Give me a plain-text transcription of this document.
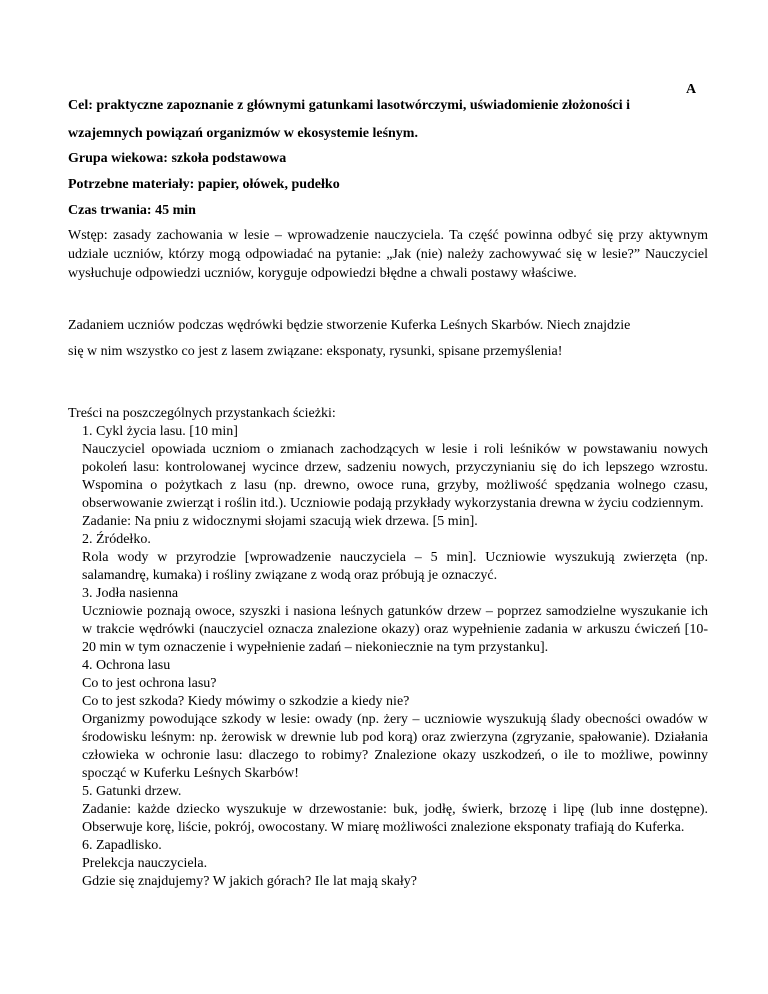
A
Cel: praktyczne zapoznanie z głównymi gatunkami lasotwórczymi, uświadomienie złożoności i
wzajemnych powiązań organizmów w ekosystemie leśnym.
Grupa wiekowa: szkoła podstawowa
Potrzebne materiały: papier, ołówek, pudełko
Czas trwania: 45 min

Wstęp: zasady zachowania w lesie – wprowadzenie nauczyciela. Ta część powinna odbyć się przy aktywnym udziale uczniów, którzy mogą odpowiadać na pytanie: „Jak (nie) należy zachowywać się w lesie?” Nauczyciel wysłuchuje odpowiedzi uczniów, koryguje odpowiedzi błędne a chwali postawy właściwe.

Zadaniem uczniów podczas wędrówki będzie stworzenie Kuferka Leśnych Skarbów. Niech znajdzie
się w nim wszystko co jest z lasem związane: eksponaty, rysunki, spisane przemyślenia!

Treści na poszczególnych przystankach ścieżki:

1. Cykl życia lasu. [10 min]

Nauczyciel opowiada uczniom o zmianach zachodzących w lesie i roli leśników w powstawaniu nowych pokoleń lasu: kontrolowanej wycince drzew, sadzeniu nowych, przyczynianiu się do ich lepszego wzrostu. Wspomina o pożytkach z lasu (np. drewno, owoce runa, grzyby, możliwość spędzania wolnego czasu, obserwowanie zwierząt i roślin itd.). Uczniowie podają przykłady wykorzystania drewna w życiu codziennym.

Zadanie: Na pniu z widocznymi słojami szacują wiek drzewa. [5 min].

2. Źródełko.

Rola wody w przyrodzie [wprowadzenie nauczyciela – 5 min]. Uczniowie wyszukują zwierzęta (np. salamandrę, kumaka) i rośliny związane z wodą oraz próbują je oznaczyć.

3. Jodła nasienna

Uczniowie poznają owoce, szyszki i nasiona leśnych gatunków drzew – poprzez samodzielne wyszukanie ich w trakcie wędrówki (nauczyciel oznacza znalezione okazy) oraz wypełnienie zadania w arkuszu ćwiczeń [10-20 min w tym oznaczenie i wypełnienie zadań – niekoniecznie na tym przystanku].

4. Ochrona lasu

Co to jest ochrona lasu?

Co to jest szkoda? Kiedy mówimy o szkodzie a kiedy nie?

Organizmy powodujące szkody w lesie: owady (np. żery – uczniowie wyszukują ślady obecności owadów w środowisku leśnym: np. żerowisk w drewnie lub pod korą) oraz zwierzyna (zgryzanie, spałowanie). Działania człowieka w ochronie lasu: dlaczego to robimy? Znalezione okazy uszkodzeń, o ile to możliwe, powinny spocząć w Kuferku Leśnych Skarbów!

5. Gatunki drzew.

Zadanie: każde dziecko wyszukuje w drzewostanie: buk, jodłę, świerk, brzozę i lipę (lub inne dostępne). Obserwuje korę, liście, pokrój, owocostany. W miarę możliwości znalezione eksponaty trafiają do Kuferka.

6. Zapadlisko.

Prelekcja nauczyciela.

Gdzie się znajdujemy? W jakich górach? Ile lat mają skały?
